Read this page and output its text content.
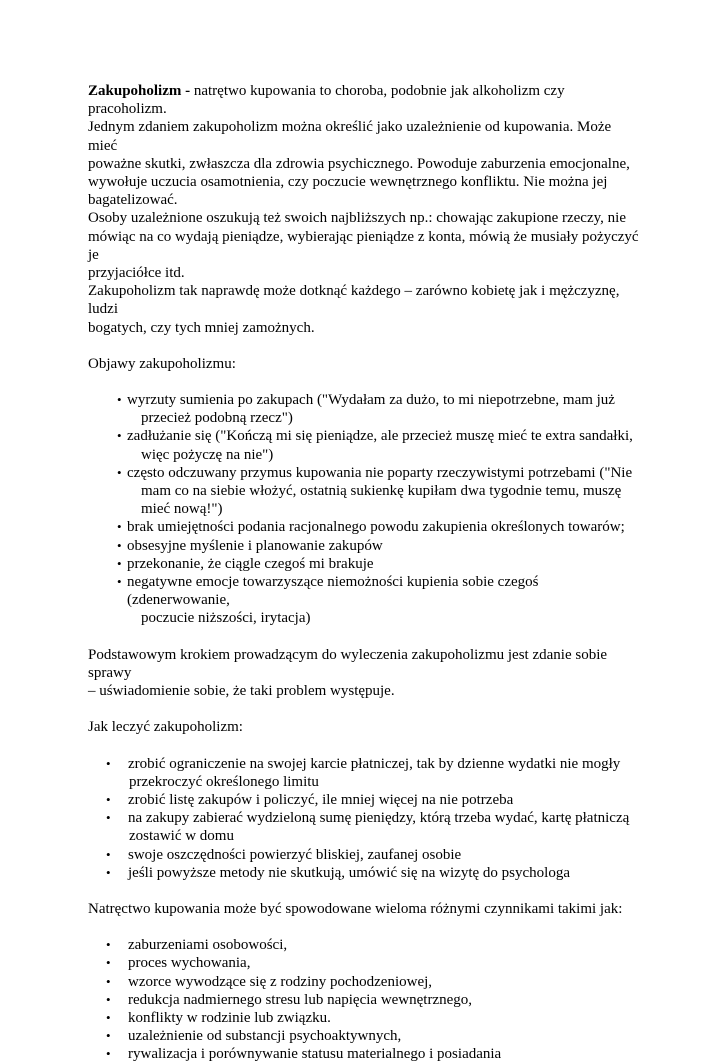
Zakupoholizm - natrętwo kupowania to choroba, podobnie jak alkoholizm czy pracoholizm.

Jednym zdaniem zakupoholizm można określić jako uzależnienie od kupowania. Może mieć

poważne skutki, zwłaszcza dla zdrowia psychicznego. Powoduje zaburzenia emocjonalne,

wywołuje uczucia osamotnienia, czy poczucie wewnętrznego konfliktu. Nie można jej

bagatelizować.

Osoby uzależnione oszukują też swoich najbliższych np.: chowając zakupione rzeczy, nie

mówiąc na co wydają pieniądze, wybierając pieniądze z konta, mówią że musiały pożyczyć je

przyjaciółce itd.

Zakupoholizm tak naprawdę może dotknąć każdego – zarówno kobietę jak i mężczyznę, ludzi

bogatych, czy tych mniej zamożnych.

Objawy zakupoholizmu:

• wyrzuty sumienia po zakupach ("Wydałam za dużo, to mi niepotrzebne, mam już
przecież podobną rzecz")
• zadłużanie się ("Kończą mi się pieniądze, ale przecież muszę mieć te extra sandałki,
więc pożyczę na nie")
• często odczuwany przymus kupowania nie poparty rzeczywistymi potrzebami ("Nie
mam co na siebie włożyć, ostatnią sukienkę kupiłam dwa tygodnie temu, muszę
mieć nową!")
• brak umiejętności podania racjonalnego powodu zakupienia określonych towarów;
• obsesyjne myślenie i planowanie zakupów
• przekonanie, że ciągle czegoś mi brakuje
• negatywne emocje towarzyszące niemożności kupienia sobie czegoś (zdenerwowanie,
poczucie niższości, irytacja)

Podstawowym krokiem prowadzącym do wyleczenia zakupoholizmu jest zdanie sobie sprawy

– uświadomienie sobie, że taki problem występuje.

Jak leczyć zakupoholizm:

• zrobić ograniczenie na swojej karcie płatniczej, tak by dzienne wydatki nie mogły
przekroczyć określonego limitu
• zrobić listę zakupów i policzyć, ile mniej więcej na nie potrzeba
• na zakupy zabierać wydzieloną sumę pieniędzy, którą trzeba wydać, kartę płatniczą
zostawić w domu
• swoje oszczędności powierzyć bliskiej, zaufanej osobie
• jeśli powyższe metody nie skutkują, umówić się na wizytę do psychologa

Natręctwo kupowania może być spowodowane wieloma różnymi czynnikami takimi jak:

• zaburzeniami osobowości,
• proces wychowania,
• wzorce wywodzące się z rodziny pochodzeniowej,
• redukcja nadmiernego stresu lub napięcia wewnętrznego,
• konflikty w rodzinie lub związku.
• uzależnienie od substancji psychoaktywnych,
• rywalizacja i porównywanie statusu materialnego i posiadania
